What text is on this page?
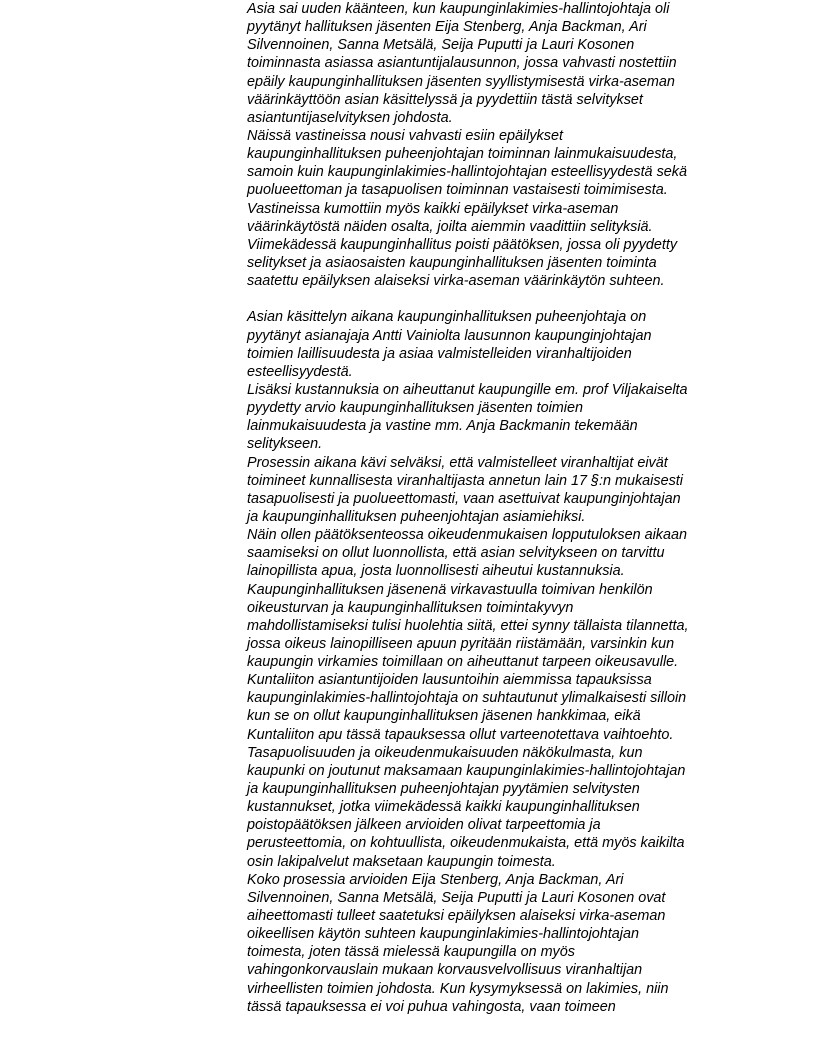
Asia sai uuden käänteen, kun kaupunginlakimies-hallintojohtaja oli
pyytänyt hallituksen jäsenten Eija Stenberg, Anja Backman, Ari
Silvennoinen, Sanna Metsälä, Seija Puputti ja Lauri Kosonen
toiminnasta asiassa asiantuntijalausunnon, jossa vahvasti nostettiin
epäily kaupunginhallituksen jäsenten syyllistymisestä virka-aseman
väärinkäyttöön asian käsittelyssä ja pyydettiin tästä selvitykset
asiantuntijaselvityksen johdosta.
Näissä vastineissa nousi vahvasti esiin epäilykset
kaupunginhallituksen puheenjohtajan toiminnan lainmukaisuudesta,
samoin kuin kaupunginlakimies-hallintojohtajan esteellisyydestä sekä
puolueettoman ja tasapuolisen toiminnan vastaisesti toimimisesta.
Vastineissa kumottiin myös kaikki epäilykset virka-aseman
väärinkäytöstä näiden osalta, joilta aiemmin vaadittiin selityksiä.
Viimekädessä kaupunginhallitus poisti päätöksen, jossa oli pyydetty
selitykset ja asiaosaisten kaupunginhallituksen jäsenten toiminta
saatettu epäilyksen alaiseksi virka-aseman väärinkäytön suhteen.
Asian käsittelyn aikana kaupunginhallituksen puheenjohtaja on
pyytänyt asianajaja Antti Vainiolta lausunnon kaupunginjohtajan
toimien laillisuudesta ja asiaa valmistelleiden viranhaltijoiden
esteellisyydestä.
Lisäksi kustannuksia on aiheuttanut kaupungille em. prof Viljakaiselta
pyydetty arvio kaupunginhallituksen jäsenten toimien
lainmukaisuudesta ja vastine mm. Anja Backmanin tekemään
selitykseen.
Prosessin aikana kävi selväksi, että valmistelleet viranhaltijat eivät
toimineet kunnallisesta viranhaltijasta annetun lain 17 §:n mukaisesti
tasapuolisesti ja puolueettomasti, vaan asettuivat kaupunginjohtajan
ja kaupunginhallituksen puheenjohtajan asiamiehiksi.
Näin ollen päätöksenteossa oikeudenmukaisen lopputuloksen aikaan
saamiseksi on ollut luonnollista, että asian selvitykseen on tarvittu
lainopillista apua, josta luonnollisesti aiheutui kustannuksia.
Kaupunginhallituksen jäsenenä virkavastuulla toimivan henkilön
oikeusturvan ja kaupunginhallituksen toimintakyvyn
mahdollistamiseksi tulisi huolehtia siitä, ettei synny tällaista tilannetta,
jossa oikeus lainopilliseen apuun pyritään riistämään, varsinkin kun
kaupungin virkamies toimillaan on aiheuttanut tarpeen oikeusavulle.
Kuntaliiton asiantuntijoiden lausuntoihin aiemmissa tapauksissa
kaupunginlakimies-hallintojohtaja on suhtautunut ylimalkaisesti silloin
kun se on ollut kaupunginhallituksen jäsenen hankkimaa, eikä
Kuntaliiton apu tässä tapauksessa ollut varteenotettava vaihtoehto.
Tasapuolisuuden ja oikeudenmukaisuuden näkökulmasta, kun
kaupunki on joutunut maksamaan kaupunginlakimies-hallintojohtajan
ja kaupunginhallituksen puheenjohtajan pyytämien selvitysten
kustannukset, jotka viimekädessä kaikki kaupunginhallituksen
poistopäätöksen jälkeen arvioiden olivat tarpeettomia ja
perusteettomia, on kohtuullista, oikeudenmukaista, että myös kaikilta
osin lakipalvelut maksetaan kaupungin toimesta.
Koko prosessia arvioiden Eija Stenberg, Anja Backman, Ari
Silvennoinen, Sanna Metsälä, Seija Puputti ja Lauri Kosonen ovat
aiheettomasti tulleet saatetuksi epäilyksen alaiseksi virka-aseman
oikeellisen käytön suhteen kaupunginlakimies-hallintojohtajan
toimesta, joten tässä mielessä kaupungilla on myös
vahingonkorvauslain mukaan korvausvelvollisuus viranhaltijan
virheellisten toimien johdosta. Kun kysymyksessä on lakimies, niin
tässä tapauksessa ei voi puhua vahingosta, vaan toimeen
